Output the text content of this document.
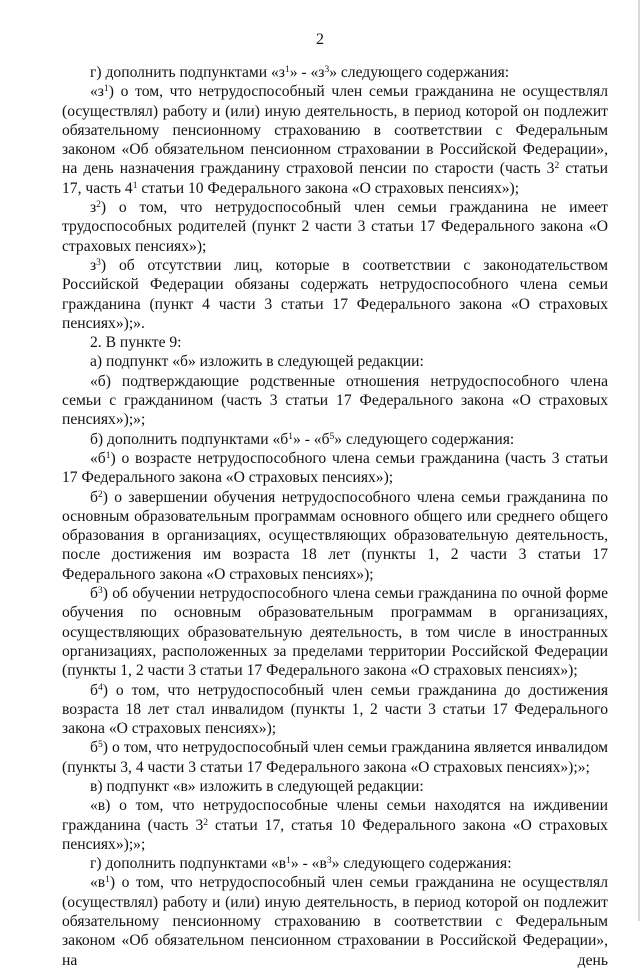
2

г) дополнить подпунктами «$з^1$» - «$з^3$» следующего содержания:

«$з^1$) о том, что нетрудоспособный член семьи гражданина не осуществлял (осуществлял) работу и (или) иную деятельность, в период которой он подлежит обязательному пенсионному страхованию в соответствии с Федеральным законом «Об обязательном пенсионном страховании в Российской Федерации», на день назначения гражданину страховой пенсии по старости (часть $3^2$ статьи 17, часть $4^1$ статьи 10 Федерального закона «О страховых пенсиях»);

$з^2$) о том, что нетрудоспособный член семьи гражданина не имеет трудоспособных родителей (пункт 2 части 3 статьи 17 Федерального закона «О страховых пенсиях»);

$з^3$) об отсутствии лиц, которые в соответствии с законодательством Российской Федерации обязаны содержать нетрудоспособного члена семьи гражданина (пункт 4 части 3 статьи 17 Федерального закона «О страховых пенсиях»);».

2. В пункте 9:

а) подпункт «б» изложить в следующей редакции:

«б) подтверждающие родственные отношения нетрудоспособного члена семьи с гражданином (часть 3 статьи 17 Федерального закона «О страховых пенсиях»);»;

б) дополнить подпунктами «$б^1$» - «$б^5$» следующего содержания:

«$б^1$) о возрасте нетрудоспособного члена семьи гражданина (часть 3 статьи 17 Федерального закона «О страховых пенсиях»);

$б^2$) о завершении обучения нетрудоспособного члена семьи гражданина по основным образовательным программам основного общего или среднего общего образования в организациях, осуществляющих образовательную деятельность, после достижения им возраста 18 лет (пункты 1, 2 части 3 статьи 17 Федерального закона «О страховых пенсиях»);

$б^3$) об обучении нетрудоспособного члена семьи гражданина по очной форме обучения по основным образовательным программам в организациях, осуществляющих образовательную деятельность, в том числе в иностранных организациях, расположенных за пределами территории Российской Федерации (пункты 1, 2 части 3 статьи 17 Федерального закона «О страховых пенсиях»);

$б^4$) о том, что нетрудоспособный член семьи гражданина до достижения возраста 18 лет стал инвалидом (пункты 1, 2 части 3 статьи 17 Федерального закона «О страховых пенсиях»);

$б^5$) о том, что нетрудоспособный член семьи гражданина является инвалидом (пункты 3, 4 части 3 статьи 17 Федерального закона «О страховых пенсиях»);»;

в) подпункт «в» изложить в следующей редакции:

«в) о том, что нетрудоспособные члены семьи находятся на иждивении гражданина (часть $3^2$ статьи 17, статья 10 Федерального закона «О страховых пенсиях»);»;

г) дополнить подпунктами «$в^1$» - «$в^3$» следующего содержания:

«$в^1$) о том, что нетрудоспособный член семьи гражданина не осуществлял (осуществлял) работу и (или) иную деятельность, в период которой он подлежит обязательному пенсионному страхованию в соответствии с Федеральным законом «Об обязательном пенсионном страховании в Российской Федерации», на день
